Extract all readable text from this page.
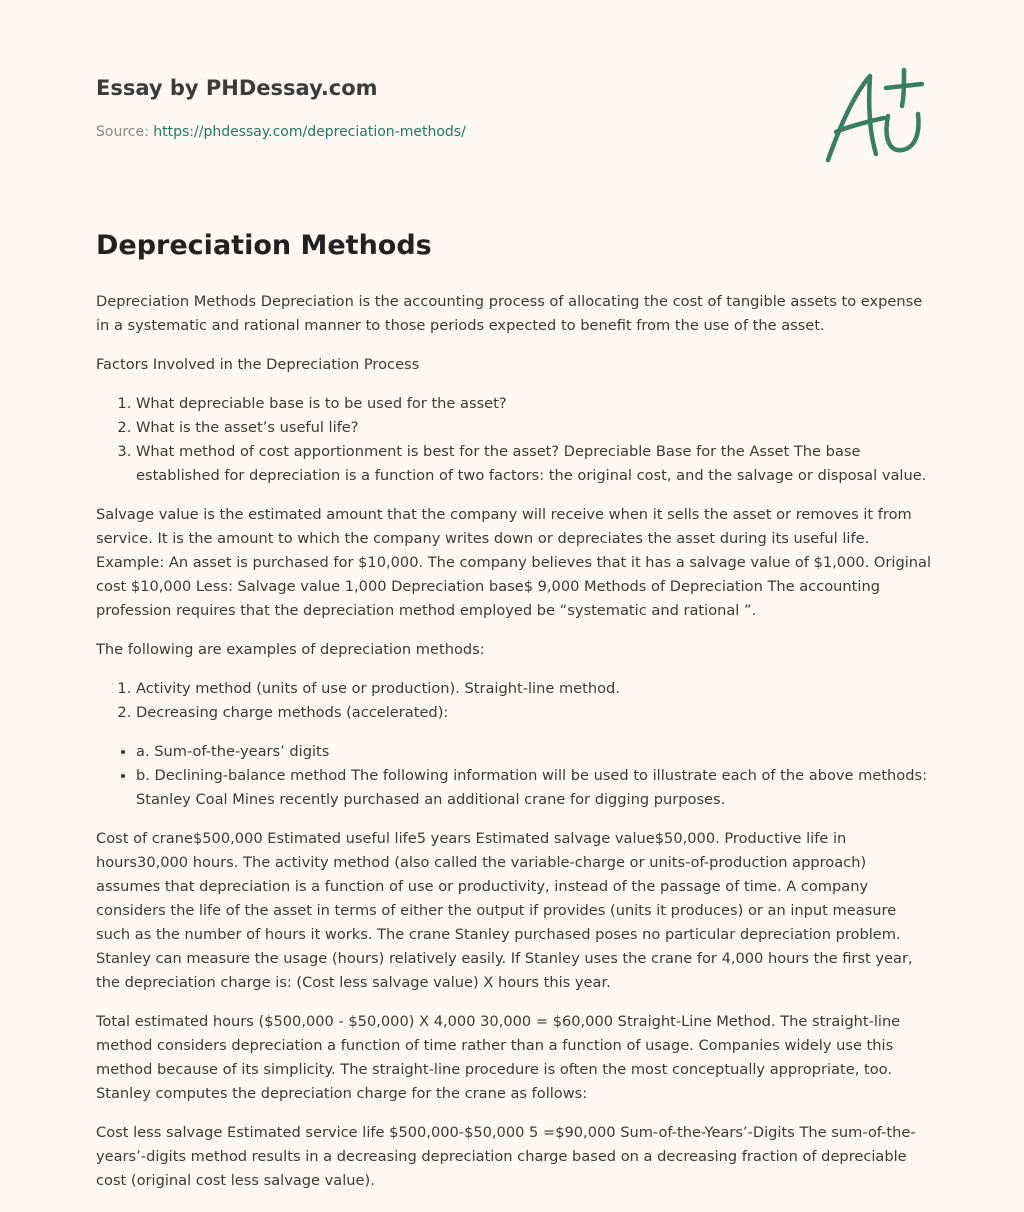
Essay by PHDessay.com
Source: https://phdessay.com/depreciation-methods/
Depreciation Methods

Depreciation Methods Depreciation is the accounting process of allocating the cost of tangible assets to expense in a systematic and rational manner to those periods expected to benefit from the use of the asset.

Factors Involved in the Depreciation Process

1. What depreciable base is to be used for the asset?
2. What is the asset’s useful life?
3. What method of cost apportionment is best for the asset? Depreciable Base for the Asset The base established for depreciation is a function of two factors: the original cost, and the salvage or disposal value.

Salvage value is the estimated amount that the company will receive when it sells the asset or removes it from service. It is the amount to which the company writes down or depreciates the asset during its useful life. Example: An asset is purchased for $10,000. The company believes that it has a salvage value of $1,000. Original cost $10,000 Less: Salvage value 1,000 Depreciation base$ 9,000 Methods of Depreciation The accounting profession requires that the depreciation method employed be “systematic and rational ”.

The following are examples of depreciation methods:

1. Activity method (units of use or production). Straight-line method.
2. Decreasing charge methods (accelerated):
• a. Sum-of-the-years’ digits
• b. Declining-balance method The following information will be used to illustrate each of the above methods: Stanley Coal Mines recently purchased an additional crane for digging purposes.

Cost of crane$500,000 Estimated useful life5 years Estimated salvage value$50,000. Productive life in hours30,000 hours. The activity method (also called the variable-charge or units-of-production approach) assumes that depreciation is a function of use or productivity, instead of the passage of time. A company considers the life of the asset in terms of either the output if provides (units it produces) or an input measure such as the number of hours it works. The crane Stanley purchased poses no particular depreciation problem. Stanley can measure the usage (hours) relatively easily. If Stanley uses the crane for 4,000 hours the first year, the depreciation charge is: (Cost less salvage value) X hours this year.

Total estimated hours ($500,000 - $50,000) X 4,000 30,000 = $60,000 Straight-Line Method. The straight-line method considers depreciation a function of time rather than a function of usage. Companies widely use this method because of its simplicity. The straight-line procedure is often the most conceptually appropriate, too. Stanley computes the depreciation charge for the crane as follows:

Cost less salvage Estimated service life $500,000-$50,000 5 =$90,000 Sum-of-the-Years’-Digits The sum-of-the-years’-digits method results in a decreasing depreciation charge based on a decreasing fraction of depreciable cost (original cost less salvage value).
